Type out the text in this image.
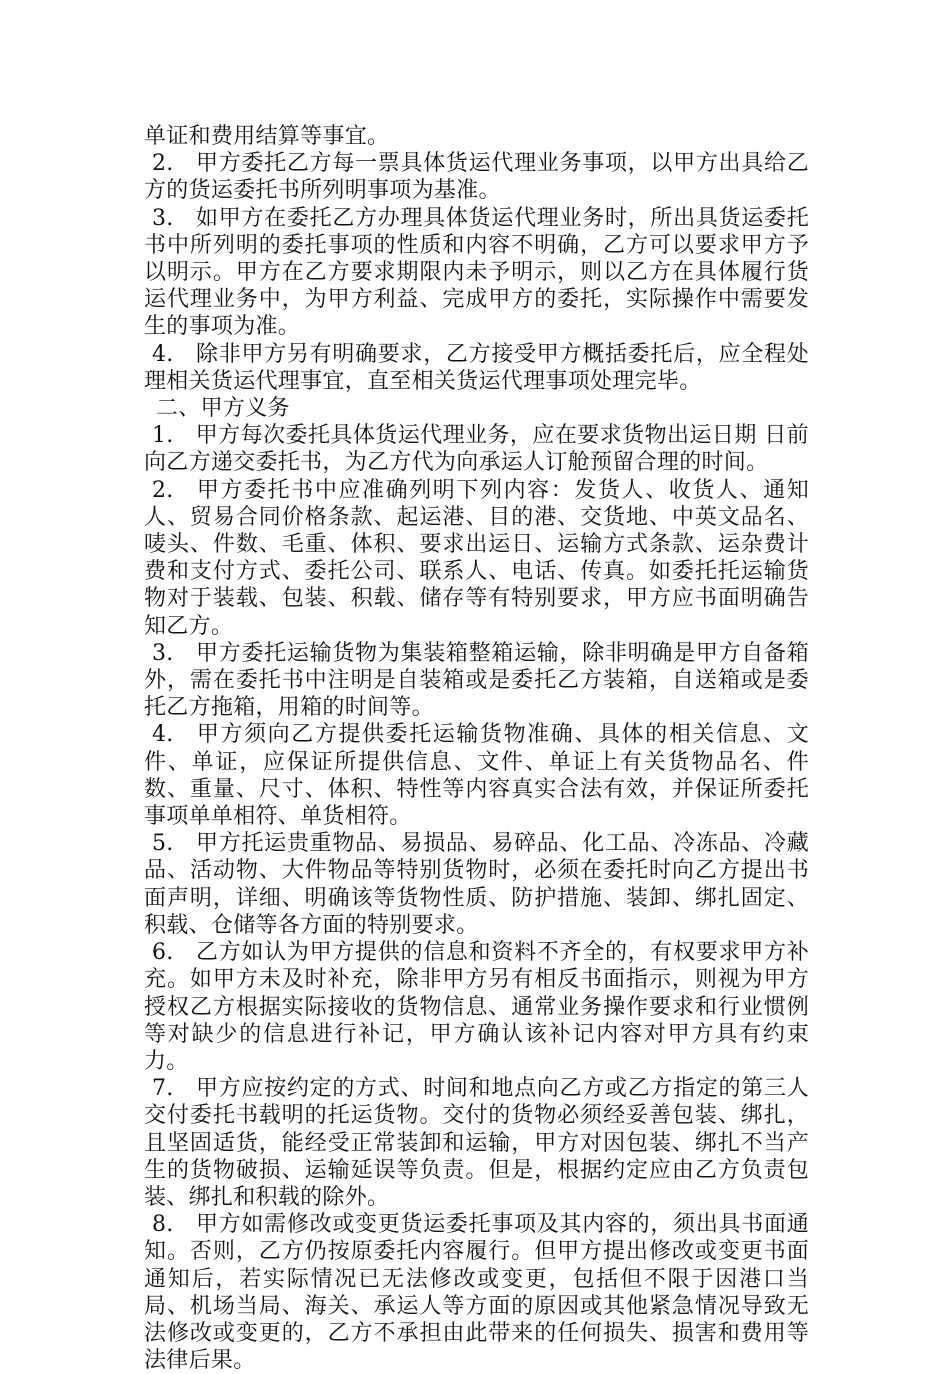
单证和费用结算等事宜。

2. 甲方委托乙方每一票具体货运代理业务事项，以甲方出具给乙方的货运委托书所列明事项为基准。

3. 如甲方在委托乙方办理具体货运代理业务时，所出具货运委托书中所列明的委托事项的性质和内容不明确，乙方可以要求甲方予以明示。甲方在乙方要求期限内未予明示，则以乙方在具体履行货运代理业务中，为甲方利益、完成甲方的委托，实际操作中需要发生的事项为准。

4. 除非甲方另有明确要求，乙方接受甲方概括委托后，应全程处理相关货运代理事宜，直至相关货运代理事项处理完毕。

二、甲方义务

1. 甲方每次委托具体货运代理业务，应在要求货物出运日期 日前向乙方递交委托书，为乙方代为向承运人订舱预留合理的时间。

2. 甲方委托书中应准确列明下列内容：发货人、收货人、通知人、贸易合同价格条款、起运港、目的港、交货地、中英文品名、唛头、件数、毛重、体积、要求出运日、运输方式条款、运杂费计费和支付方式、委托公司、联系人、电话、传真。如委托托运输货物对于装载、包装、积载、储存等有特别要求，甲方应书面明确告知乙方。

3. 甲方委托运输货物为集装箱整箱运输，除非明确是甲方自备箱外，需在委托书中注明是自装箱或是委托乙方装箱，自送箱或是委托乙方拖箱，用箱的时间等。

4. 甲方须向乙方提供委托运输货物准确、具体的相关信息、文件、单证，应保证所提供信息、文件、单证上有关货物品名、件数、重量、尺寸、体积、特性等内容真实合法有效，并保证所委托事项单单相符、单货相符。

5. 甲方托运贵重物品、易损品、易碎品、化工品、冷冻品、冷藏品、活动物、大件物品等特别货物时，必须在委托时向乙方提出书面声明，详细、明确该等货物性质、防护措施、装卸、绑扎固定、积载、仓储等各方面的特别要求。

6. 乙方如认为甲方提供的信息和资料不齐全的，有权要求甲方补充。如甲方未及时补充，除非甲方另有相反书面指示，则视为甲方授权乙方根据实际接收的货物信息、通常业务操作要求和行业惯例等对缺少的信息进行补记，甲方确认该补记内容对甲方具有约束力。

7. 甲方应按约定的方式、时间和地点向乙方或乙方指定的第三人交付委托书载明的托运货物。交付的货物必须经妥善包装、绑扎，且坚固适货，能经受正常装卸和运输，甲方对因包装、绑扎不当产生的货物破损、运输延误等负责。但是，根据约定应由乙方负责包装、绑扎和积载的除外。

8. 甲方如需修改或变更货运委托事项及其内容的，须出具书面通知。否则，乙方仍按原委托内容履行。但甲方提出修改或变更书面通知后，若实际情况已无法修改或变更，包括但不限于因港口当局、机场当局、海关、承运人等方面的原因或其他紧急情况导致无法修改或变更的，乙方不承担由此带来的任何损失、损害和费用等法律后果。
